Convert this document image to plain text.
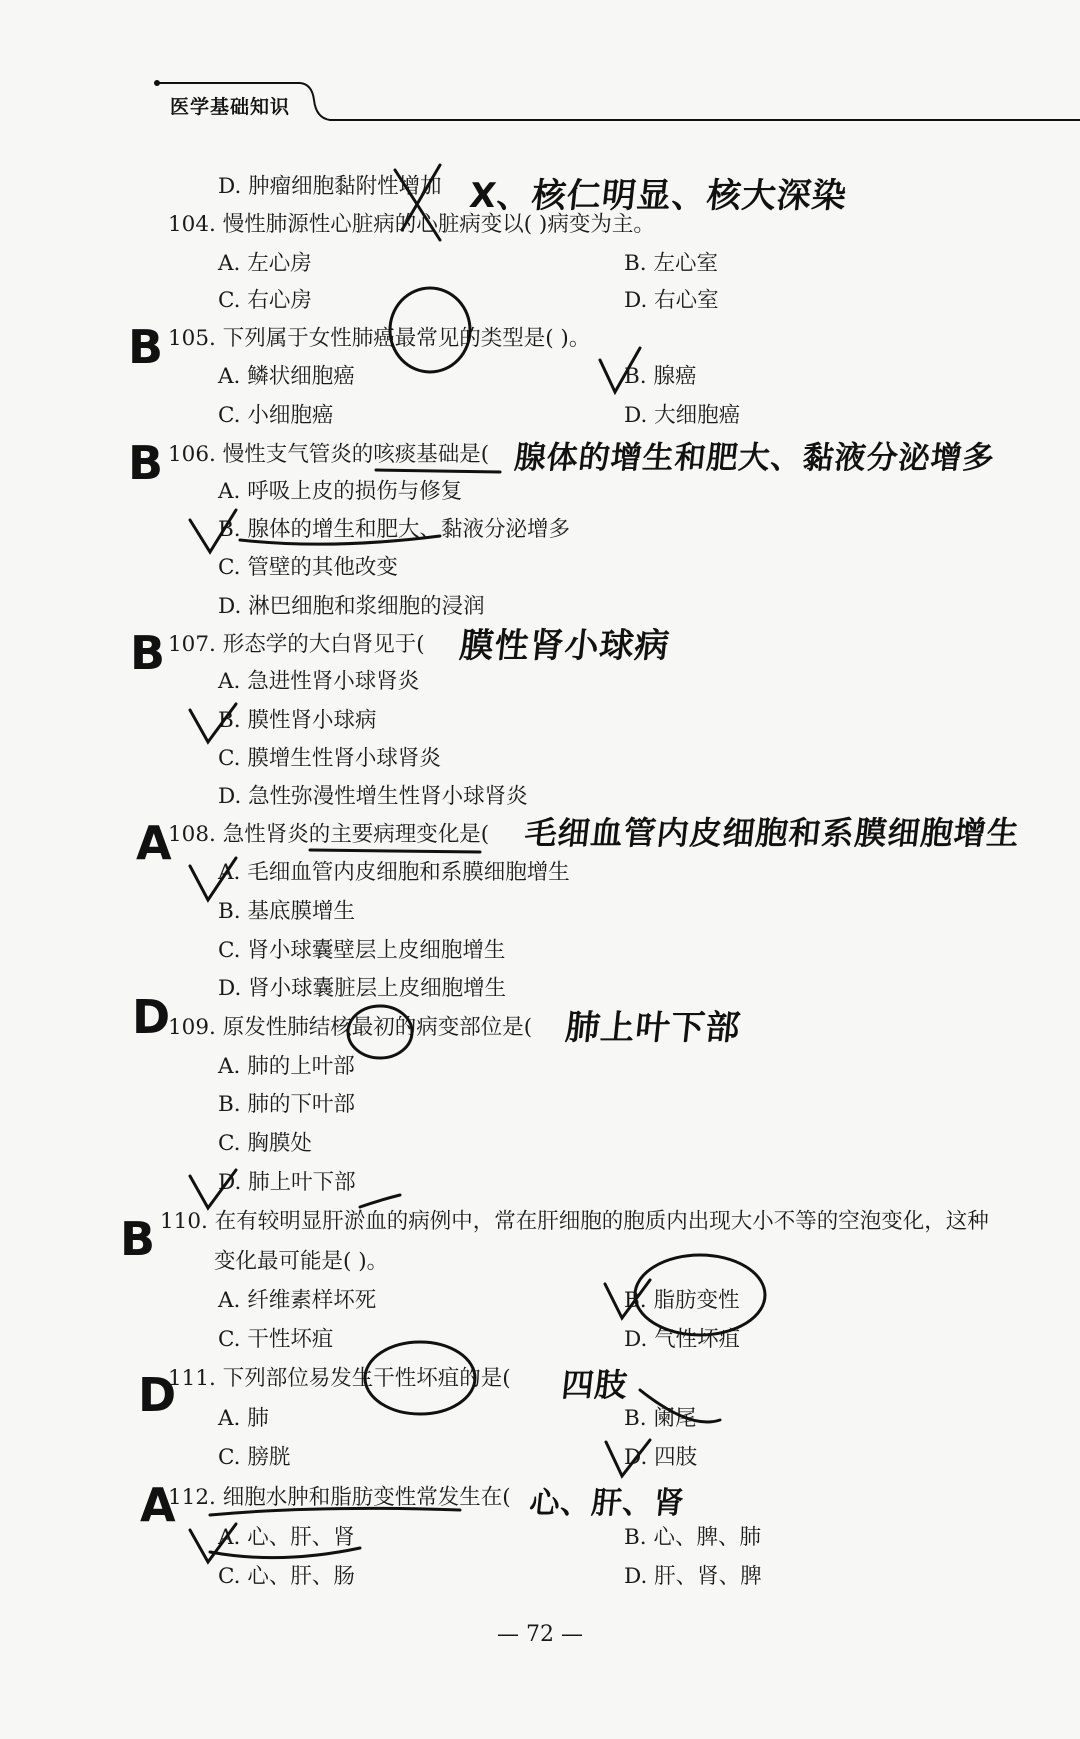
医学基础知识
D. 肿瘤细胞黏附性增加
104. 慢性肺源性心脏病的心脏病变以( )病变为主。
A. 左心房	B. 左心室
C. 右心房	D. 右心室
105. 下列属于女性肺癌最常见的类型是( )。
A. 鳞状细胞癌	B. 腺癌
C. 小细胞癌	D. 大细胞癌
106. 慢性支气管炎的咳痰基础是(
A. 呼吸上皮的损伤与修复
B. 腺体的增生和肥大、黏液分泌增多
C. 管壁的其他改变
D. 淋巴细胞和浆细胞的浸润
107. 形态学的大白肾见于(
A. 急进性肾小球肾炎
B. 膜性肾小球病
C. 膜增生性肾小球肾炎
D. 急性弥漫性增生性肾小球肾炎
108. 急性肾炎的主要病理变化是(
A. 毛细血管内皮细胞和系膜细胞增生
B. 基底膜增生
C. 肾小球囊壁层上皮细胞增生
D. 肾小球囊脏层上皮细胞增生
109. 原发性肺结核最初的病变部位是(
A. 肺的上叶部
B. 肺的下叶部
C. 胸膜处
D. 肺上叶下部
110. 在有较明显肝淤血的病例中，常在肝细胞的胞质内出现大小不等的空泡变化，这种
变化最可能是( )。
A. 纤维素样坏死	B. 脂肪变性
C. 干性坏疽	D. 气性坏疽
111. 下列部位易发生干性坏疽的是(
A. 肺	B. 阑尾
C. 膀胱	D. 四肢
112. 细胞水肿和脂肪变性常发生在(
A. 心、肝、肾	B. 心、脾、肺
C. 心、肝、肠	D. 肝、肾、脾
X、核仁明显、核大深染
B
B	腺体的增生和肥大、黏液分泌增多
B	膜性肾小球病
A	毛细血管内皮细胞和系膜细胞增生
D	肺上叶下部
B
D	四肢
A	心、肝、肾
— 72 —
